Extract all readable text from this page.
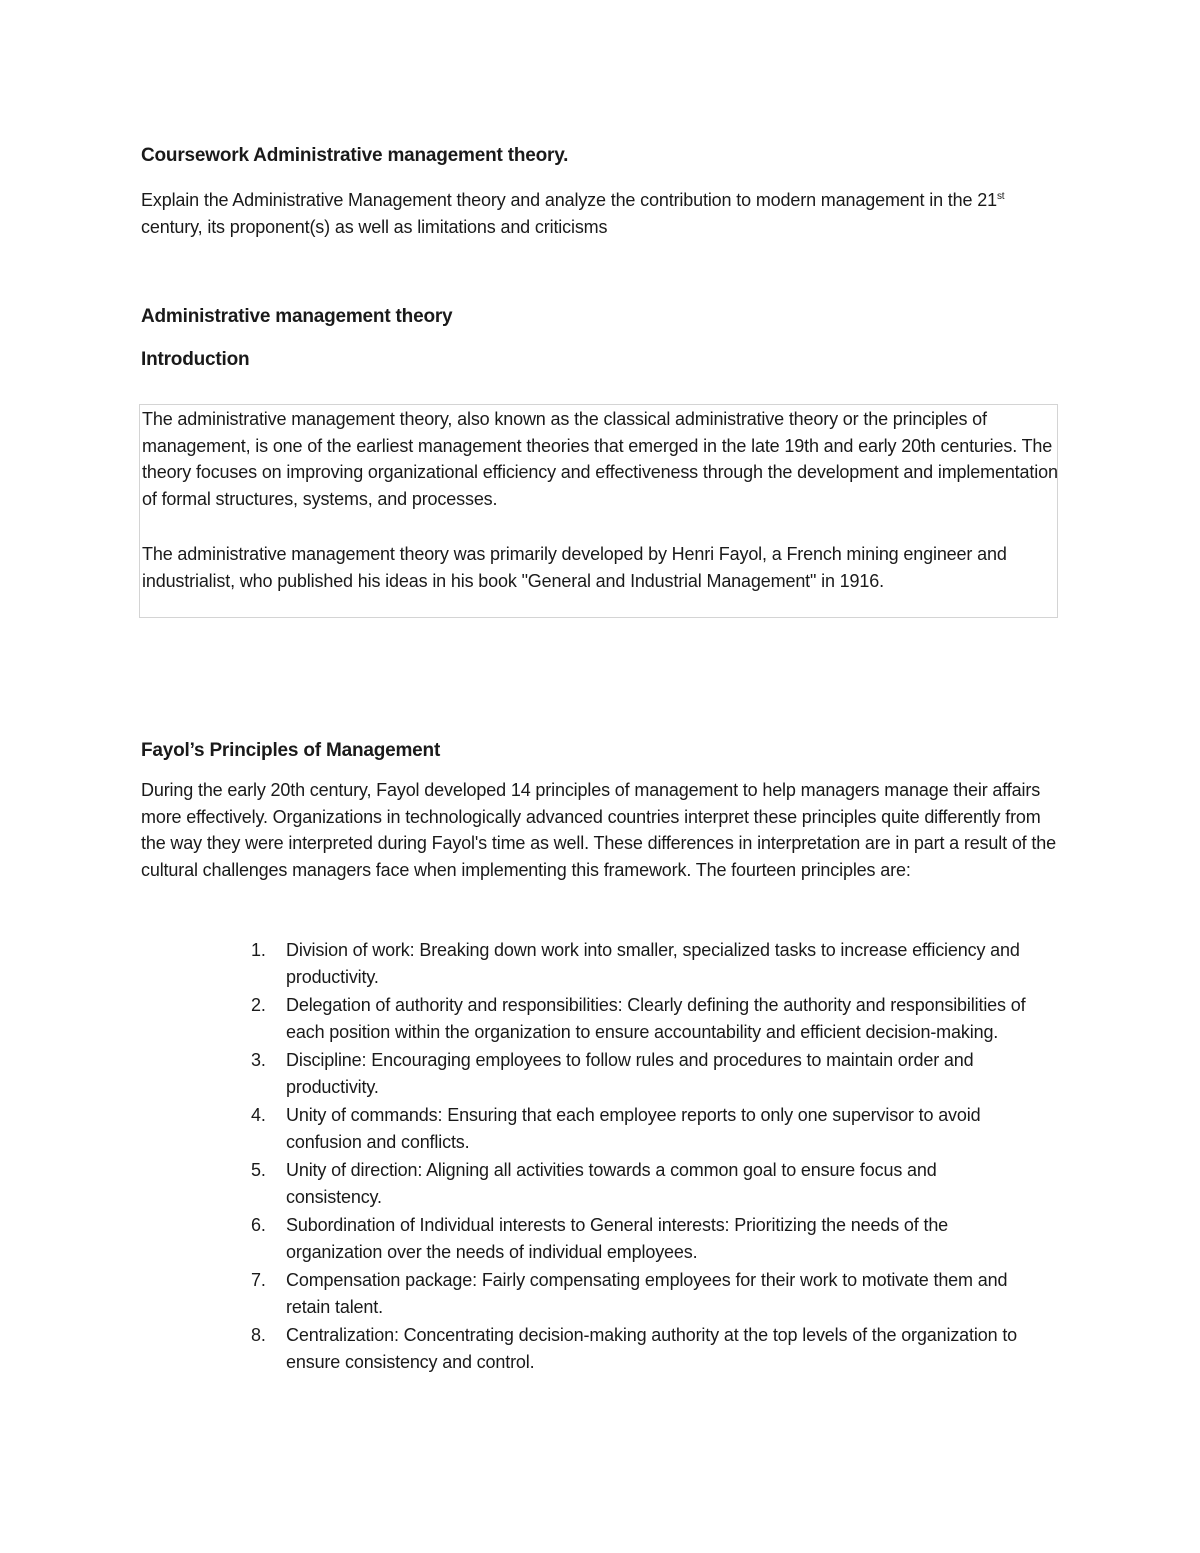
Coursework Administrative management theory.

Explain the Administrative Management theory and analyze the contribution to modern management in the 21st century, its proponent(s) as well as limitations and criticisms

Administrative management theory
Introduction

The administrative management theory, also known as the classical administrative theory or the principles of management, is one of the earliest management theories that emerged in the late 19th and early 20th centuries. The theory focuses on improving organizational efficiency and effectiveness through the development and implementation of formal structures, systems, and processes.

The administrative management theory was primarily developed by Henri Fayol, a French mining engineer and industrialist, who published his ideas in his book "General and Industrial Management" in 1916.

Fayol’s Principles of Management

During the early 20th century, Fayol developed 14 principles of management to help managers manage their affairs more effectively. Organizations in technologically advanced countries interpret these principles quite differently from the way they were interpreted during Fayol's time as well. These differences in interpretation are in part a result of the cultural challenges managers face when implementing this framework. The fourteen principles are:

1. Division of work: Breaking down work into smaller, specialized tasks to increase efficiency and productivity.
2. Delegation of authority and responsibilities: Clearly defining the authority and responsibilities of each position within the organization to ensure accountability and efficient decision-making.
3. Discipline: Encouraging employees to follow rules and procedures to maintain order and productivity.
4. Unity of commands: Ensuring that each employee reports to only one supervisor to avoid confusion and conflicts.
5. Unity of direction: Aligning all activities towards a common goal to ensure focus and consistency.
6. Subordination of Individual interests to General interests: Prioritizing the needs of the organization over the needs of individual employees.
7. Compensation package: Fairly compensating employees for their work to motivate them and retain talent.
8. Centralization: Concentrating decision-making authority at the top levels of the organization to ensure consistency and control.
